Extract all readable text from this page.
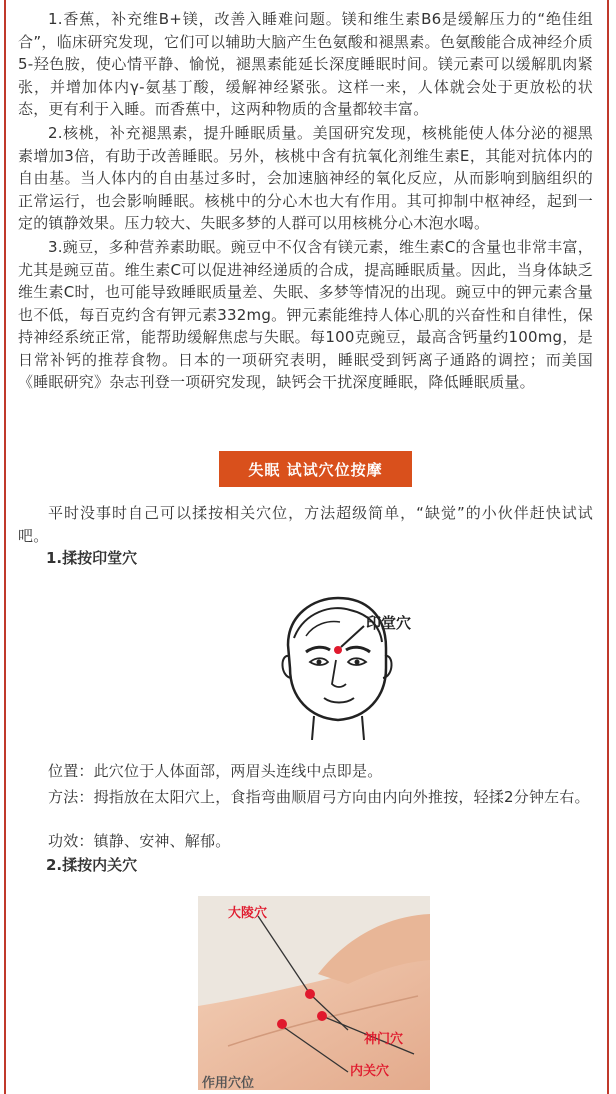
1.香蕉，补充维B+镁，改善入睡难问题。镁和维生素B6是缓解压力的“绝佳组合”，临床研究发现，它们可以辅助大脑产生色氨酸和褪黑素。色氨酸能合成神经介质5-羟色胺，使心情平静、愉悦，褪黑素能延长深度睡眠时间。镁元素可以缓解肌肉紧张，并增加体内γ-氨基丁酸，缓解神经紧张。这样一来，人体就会处于更放松的状态，更有利于入睡。而香蕉中，这两种物质的含量都较丰富。

2.核桃，补充褪黑素，提升睡眠质量。美国研究发现，核桃能使人体分泌的褪黑素增加3倍，有助于改善睡眠。另外，核桃中含有抗氧化剂维生素E，其能对抗体内的自由基。当人体内的自由基过多时，会加速脑神经的氧化反应，从而影响到脑组织的正常运行，也会影响睡眠。核桃中的分心木也大有作用。其可抑制中枢神经，起到一定的镇静效果。压力较大、失眠多梦的人群可以用核桃分心木泡水喝。

3.豌豆，多种营养素助眠。豌豆中不仅含有镁元素，维生素C的含量也非常丰富，尤其是豌豆苗。维生素C可以促进神经递质的合成，提高睡眠质量。因此，当身体缺乏维生素C时，也可能导致睡眠质量差、失眠、多梦等情况的出现。豌豆中的钾元素含量也不低，每百克约含有钾元素332mg。钾元素能维持人体心肌的兴奋性和自律性，保持神经系统正常，能帮助缓解焦虑与失眠。每100克豌豆，最高含钙量约100mg，是日常补钙的推荐食物。日本的一项研究表明，睡眠受到钙离子通路的调控；而美国《睡眠研究》杂志刊登一项研究发现，缺钙会干扰深度睡眠，降低睡眠质量。

失眠 试试穴位按摩

平时没事时自己可以揉按相关穴位，方法超级简单，“缺觉”的小伙伴赶快试试吧。

1.揉按印堂穴
印堂穴

位置：此穴位于人体面部，两眉头连线中点即是。

方法：拇指放在太阳穴上，食指弯曲顺眉弓方向由内向外推按，轻揉2分钟左右。

功效：镇静、安神、解郁。

2.揉按内关穴
大陵穴
神门穴
内关穴
作用穴位
